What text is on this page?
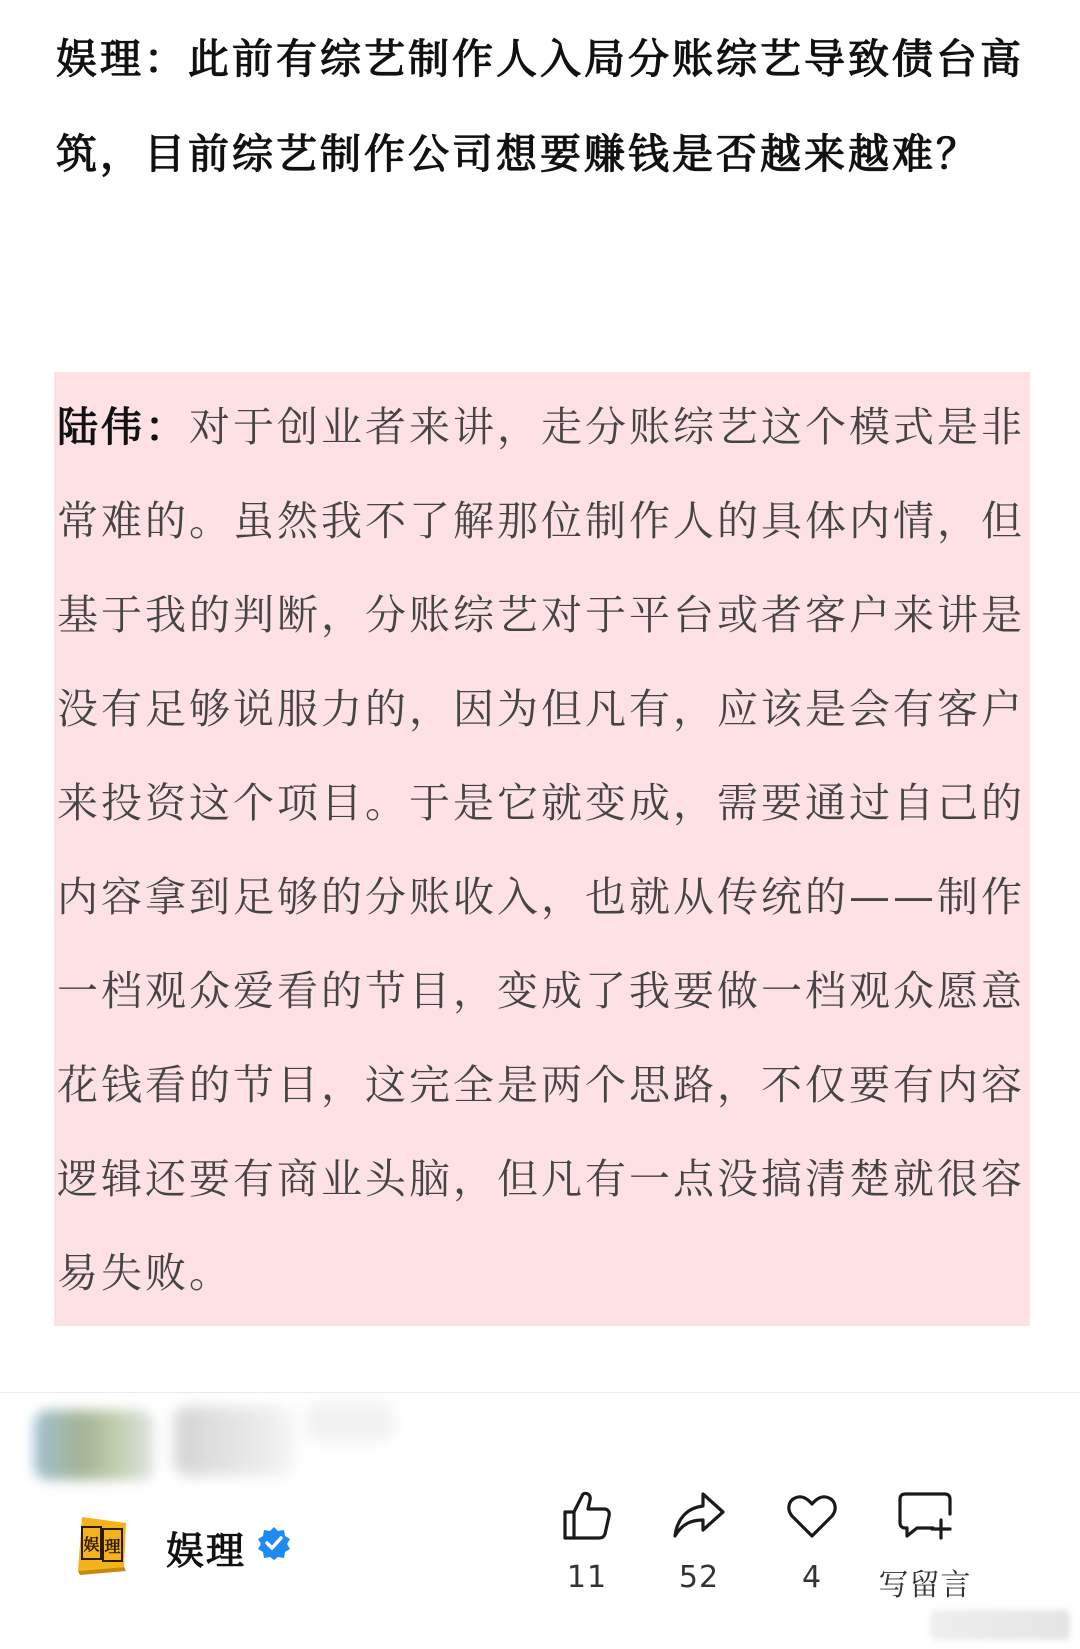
娱理：此前有综艺制作人入局分账综艺导致债台高筑，目前综艺制作公司想要赚钱是否越来越难？

陆伟：对于创业者来讲，走分账综艺这个模式是非常难的。虽然我不了解那位制作人的具体内情，但基于我的判断，分账综艺对于平台或者客户来讲是没有足够说服力的，因为但凡有，应该是会有客户来投资这个项目。于是它就变成，需要通过自己的内容拿到足够的分账收入，也就从传统的——制作一档观众爱看的节目，变成了我要做一档观众愿意花钱看的节目，这完全是两个思路，不仅要有内容逻辑还要有商业头脑，但凡有一点没搞清楚就很容易失败。

娱 理 娱理
11	52	4	写留言
